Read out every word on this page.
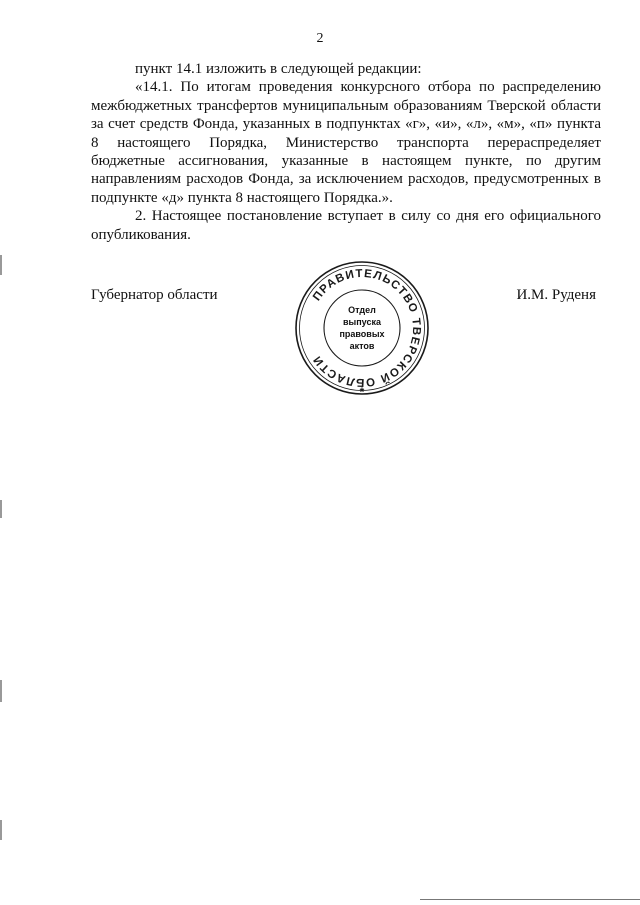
2

пункт 14.1 изложить в следующей редакции:

«14.1. По итогам проведения конкурсного отбора по распределению межбюджетных трансфертов муниципальным образованиям Тверской области за счет средств Фонда, указанных в подпунктах «г», «и», «л», «м», «п» пункта 8 настоящего Порядка, Министерство транспорта перераспределяет бюджетные ассигнования, указанные в настоящем пункте, по другим направлениям расходов Фонда, за исключением расходов, предусмотренных в подпункте «д» пункта 8 настоящего Порядка.».

2. Настоящее постановление вступает в силу со дня его официального опубликования.

Губернатор области	И.М. Руденя
ПРАВИТЕЛЬСТВО ТВЕРСКОЙ ОБЛАСТИ
*
Отдел
выпуска
правовых
актов
